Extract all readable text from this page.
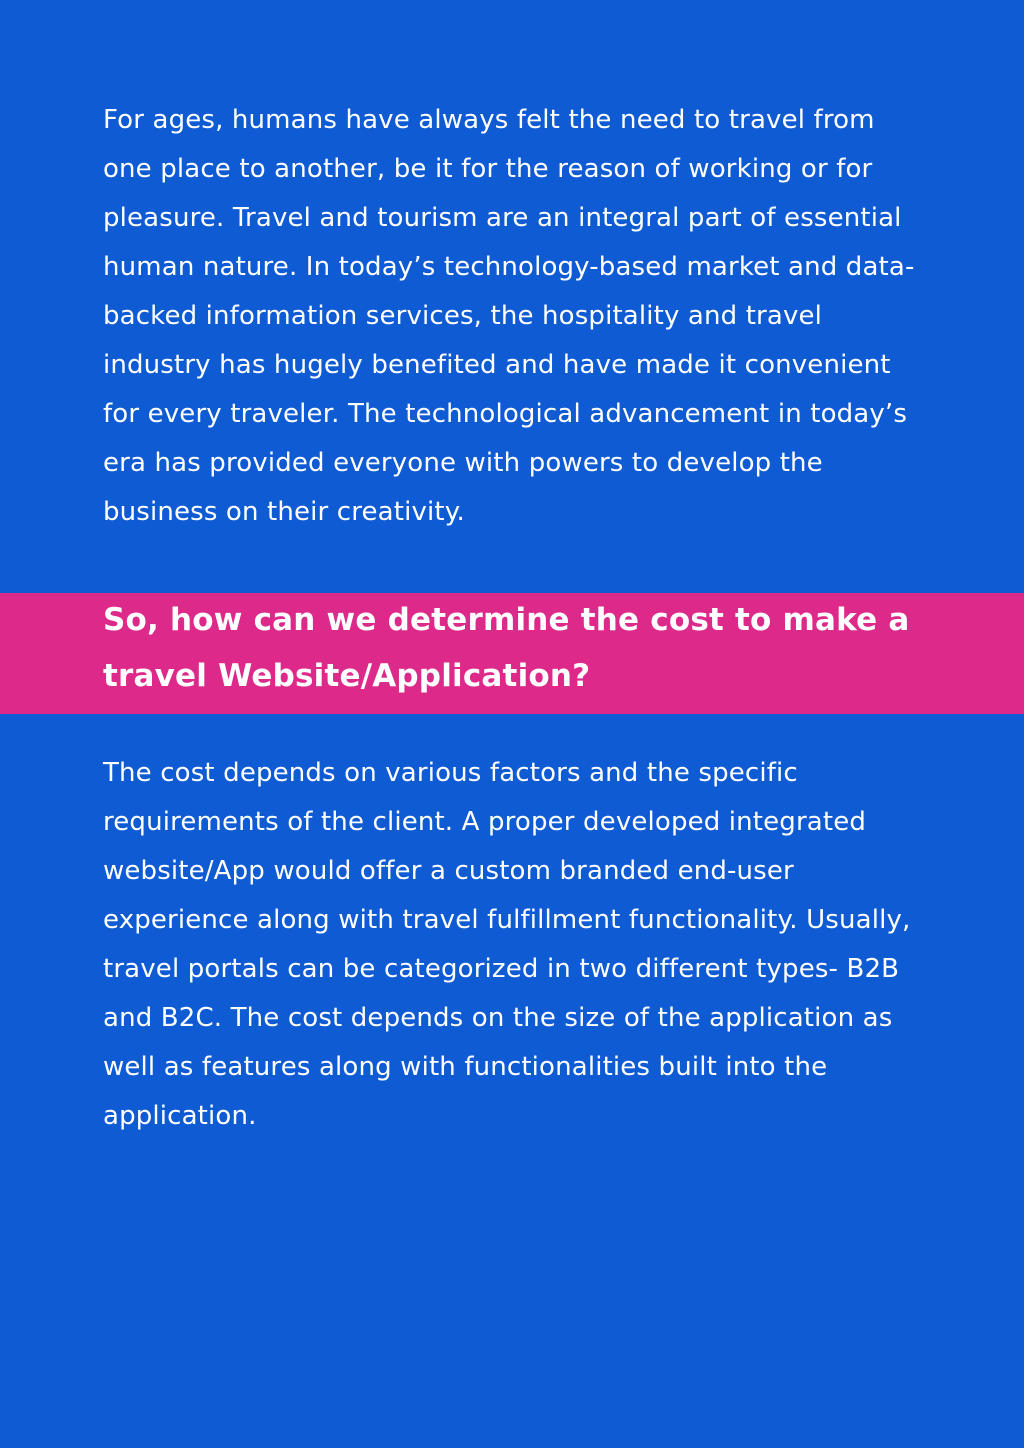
For ages, humans have always felt the need to travel from
one place to another, be it for the reason of working or for
pleasure. Travel and tourism are an integral part of essential
human nature. In today’s technology-based market and data-
backed information services, the hospitality and travel
industry has hugely benefited and have made it convenient
for every traveler. The technological advancement in today’s
era has provided everyone with powers to develop the
business on their creativity.

So, how can we determine the cost to make a
travel Website/Application?

The cost depends on various factors and the specific
requirements of the client. A proper developed integrated
website/App would offer a custom branded end-user
experience along with travel fulfillment functionality. Usually,
travel portals can be categorized in two different types- B2B
and B2C. The cost depends on the size of the application as
well as features along with functionalities built into the
application.
